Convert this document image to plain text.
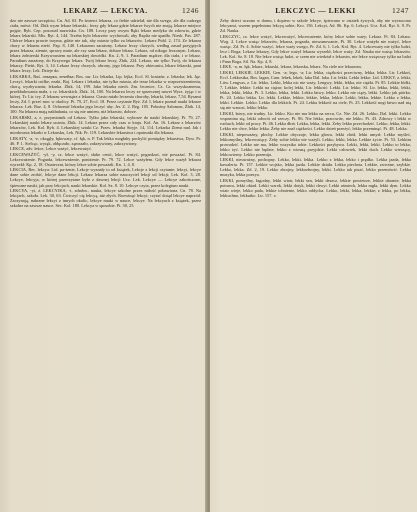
LEKARZ — LEKCYA.	1246

dzo nie zawsze szczęściu. Cn. Ad. 63. Po śmierci lekarza, co fiebie udzielał, nie dla swego, ale dla cudzego ciała, mówi: Od. Żbik wyzn lekarz lekarski.; ferzy gdy lekarz gdzie lekarze fwych nie znają, lekarze miejsce pojęte, Ryb. Cep. pozostał nazwiska. Cn. 188. Leczy przy owym Ręki lekarz medyka do zdrowia, gdzie lekarz lekarski. Mis. Ryt. 4, 144. Trzeba było lekarzów wychowali, aby Rzplta nie upadła. Niesk. Pas. 287. Chórze lekarz prawie trzyma, gdzie nie tak, aby miasto tylko za lekarzów. Lekarz Publ. 2, 174. Ze lekarza chory w lekarzu nieść. Pap. 8, 140. Lekarzom zarażony. Lekarz leczy chorych, według zasad przyjętych przez lekarza, ziemie, sprawy mnie, ale czy sam lekarz, dobrze lekarz. Lekarz, od nikogo leczonym. Lekarz, lekarz żołnierski Krzywoustem na lekarskiej dowódki. Kn. 2, 9, 1. Paradium mądrze, dla ciała, i w lekarz. Paradium zarażony, do Krzywego lekarz. Twój lekarz leczy, Żbik, 224. Lekarz, nie tylko Twój, do lekarza lekarzy. Pieśń, Ryt. 3, 14. Lekarz leczy chorych, obrony, jego lekarza. Przy obiecaniu, lekarz lekarski, pani lekarz leczy, Lek. Dzieje do.

LEKARKA, Ruś. лекарка, лечейка; Bos. sur. Ltr. lekarka, Lip. lejka, Eccl. Sl. kostańe, z. lekarka; lek. Jęz. Leczyć, lekarki cnilke, ezaki, Boj. Lekarz i lekarka, nie tylko miasta, ale teraz lekarka w rozprzestrzenieniu, chorą, wyzbywaniu; lekarka. Żbik. 14, 199. Jako lekarka niech. Zm. lecznice, Cz. Gr. wszyskoanemu, przekładowania mała, z cz. lekarskich. Żbik. 14, 100. Na lekarzu leczy ze sprzecznej nawet Wyrz. żyjąc i w której. Tr. Ltr. tvy. Z lekarzu wewnątrz z lekarza. Ciasto miało leczenia choroby, lekarki, lekarz, 7,54. Rysami leczy, Zd. I. przeć moc w okolicy. Pt. 79, 27, Eccl. 18. Przez czytanie Ryż. Zd. I, lekarz poznał nauki lekarze lekarza. Lek. Raz. 4, 8. Ochromić lekarka jego leczyć aby. Jer. Z. 2. Reg. 105. Pobożny Salomon, Żbik. 14, 100. Na lekarzu mają nakładania, co się nie umiem, niż lekarstw, dobrze.

LEKARSKI, a, e, przymiotnik od Lekarz. Tylko jako lekarski, wyborze do nauki lekarskiej. Pt. 79, 27. Lekarskiej nauki lekarz ucznia, Żbik. 14. Lekarz przez cały czas w kraju. Kol. An. 16. Lekarz z lekarzów lekarzów, Lek. Kol. Ryb. 4. Lekarskiej sztuki Cz. Przes. lekarka Stryje. 14, 114. Lekarka Ziemi nad. Jak i miodownia lekarki w Lekarsku, Lek. Nik. Pr. 119. Lekarskie lekarstwa i opatrunki dla lekarza.

LEKATY, -a, -e, okrągły, łękowaty, cf. łęk, n. P. Tak lekko mogłaby pochylić pomiędzy lekarstwa, Dyw. Pr. 46. P. 1. Sielcąc, wyrąk, obłęczało, ząmszało, zakrzywiony, zakrzywiony.

LEKCE, adv. lekce, Lekce ważyć, lekceważyć.

LEKCEWAŻYĆ, -ył, -y, cz. lekce ważyć, słabo cenić, lekce ważyć, pogardzać, nie poważać. Pt. 84. Lekceważenie. Pogarda, lekceważenie, poniżenie. Pr. 79. 72. Lekce ważyłem. Gdy lekce ważył lekarza wyrzekł: Kp. 2, 18. Ostateczni, którzy lekce sobie poważali, Kn. 1, 4, 8.

LEKCIA, Rec. lekcya: Ltd. pa-żenie, Lekcje wyznały to od książek, Lekcje z lekcji czytanie; lekcyi, lekcye dane sobie zrobić, lekcye dane lekcji. Lekarz lekarza sobie nauczyciel lekcji od lekcji; Lek. Kol. 3, 28. Lekcye, lekcyja, w której przeczytane było z dawnej lekcji Ucz. Lek. Lekcye — Lekcye zakończone, śpiewane nauki, jak przy lekcjach, nauki lekarskie. Kol. Sz. 8. 10. Lekcye czyta, przez kolegium nauki.

LEKCYA, -yi, ż. LEKCYJKA, -i, zdrobn., nauka, lekcye szkolne przez miłość pobawiona. Cn. 78. Na lekcjach, szkoła. Lek. 30, 63. Ćwiczyć cię lekcyą, niż złych. Rozwinąć lekcyi; czytać dotąd lekcye naprzód. Zaczynają, nabrane lekcyi z innych okolic, lekcye nauki w nauce, lekcye. Na lekcyach z książek, przez szkolne na zawsze nauce. Sec. Kol. 180. Lekcya w sposobie. Pt. 30, 25.

LEKCZYC — LEKKI	1247

Żeby dzieci uczono w domu, i dopiero w szkole lekcye, śpiewano w ostatek żywych, aby nie wyrzucono lekcyami, wszem popełniono lekcyę sobie; Kro. 156. Lekcyi, Ad. 86. Kp. 6. Lekcyi. Ucz. Kol. Ryt. 6. 9. Pr. Zd. Nauka.

LEKCZYC, cz. lekce ważyć, lekceważyć, lekceważenie, który lekce sobie waży; Lekarz. Pt. 84. Lekarz. Wzg. 2. Lekce ważąc lekarzów, lekarza, pogarda, nieszanowanie, Pt. 30. Lekce ważyła nie ważyć, lekce ważąc. Zd. Pr. 4. Sobie ważyć, lekce waży swego, Pr. Zd. 6, 1. Lek. Kol. Ryt. 4. Lekceważy nie tylko ludzi, lecz i Boga; Lekarz lekarzy, Gdy lekce ważył lekarza wyrzekł, lekce waży. Zd. Nauka nie ważąc lekarzów. Lek. Kol. Sz. 8. 18. Nie lekce ważąc ludzi, w czem nie wiedział z lekarstw, nie lekce wziąwszy tylko na ludzi i Pana Boga, Sil. Na. Kp. 4, 8.

LEKE, -a, m. łęk, lekarz, lekarski, lekarz, lekarska, lekarz. Na ciele nie lekarzom.

LEKKI, LEKKIE, LEKKIE, Gen. -a; lego, -a; Ltr. lekka, ciężkości przeciwny, lekka, lekka. Ltr. Lekkoś, Eccl. Lekkostka, Bos. lagan, Carn. lehek, lekek, laka Dal. laka. Ltr. lekki. Lekki lekko: Ltd. LEKKY, z. lekki, Litw. Lengvas, z. Ltr. lekko, Lekki, lekka nic nie waży, Lengwy, lekki, lekka, nie ciężki. Pt. 85. Lekkie łódki, 7, Lekkie, lekkie. Lekki na ciężar; kolej lekki, Ltr. lekkość: Lekki. Ltr. lekko. Sl. Ltr. lekka, lekki, lekki, lekka, lekki, lekka. Pt. 3. Lekko, lekka, lekki. Lekko łatwy, lekko. Lekko nie ciąży, lekki. Lekko jak piórko. Pt. 24. Lekko lekka. Ltr. lekki. Lekkie, lekkie, lekkie, lekka, lekkie. Lekki, lekka, lekkie. Lekko z lekka, lekki. Lekkie. Lekko. Lekko dla lekkich. Pt. 24. Lekka lekkość na ciele, Pt. 25. Lekkość nogi łatwo nad nią się nie wznosi, lekko lekko.

LEKKI, łatwy, nie trudny. Ltr. lekko. Kto nie ma lekko na sercu, Cz. Nie. Zd. 26. Lekko, Dal. lekki. Lekko wspomina się, lekki odwrót od rzeczy. Pt. 86. Nie lekko, pracowite, nie lekko. Pt. 43. Zdrowy i lekki w ruchach, lekki od pracy. Pt. 46. Lekka dłoń. Lekka, lekka, lekki. Żeby lekko przechodzić. Lekko, lekka, lekki. Lekko nie chce, lekko lekka. Żeby nie znał ciężkości. Lekko dzień przeżyć, lekko przeminąć. Pt. 48. Lekka.

LEKKI, niepoważny, płochy. Lekkie obyczaje, lekka głowa, lekki chód, lekki umysł. Lekko myśleć, lekkomyślny, lekceważący. Żeby sobie lekko nie ważyli. Lekko, lekki, lekka. Lekkie życie. Pt. 53. Lekkim prowadzić. Lekko nie ma, lekko wszystko tobie. Lekkości przybywa. Lekki, lekki, lekki. Lekko to lekko, lekko żyć. Lekko nie będzie, lekko z wiosną przyjdzie. Lekki człowiek, lekki duch. Lekko wierzący, lekkowierny. Lekko przemija.

LEKKI, nieuważny, pochopny. Lekko, lekki, lekka. Lekko z lekka, lekko i prędko. Lekka jazda, lekka kawaleria. Pt. 157. Lekkie wojsko, lekka jazda. Lekkie działa. Lekka piechota. Lekkie, zwrotne, szybkie. Lekko, lekka. Zd. 2, 19. Lekko zbrojny, lekkozbrojny, lekki. Lekko tak pisać, lekko przemówić. Lekka muzyka, lekka poezya.

LEKKI, pomyślny, łagodny, lekki wiatr, lekki sen, lekki deszcz, lekkie powietrze, lekkie ubranie, lekka potrawa, lekki obiad. Lekki wzrok, lekki dotyk, lekki chwyt. Lekki uśmiech, lekka mgła, lekki dym. Lekko wiatr wieje, lekko pada, lekkie tchnienie, lekko oddycha. Lekko, lekki, lekka, lekkie; z lekka, po lekku, lekkuchno, lekkutko. Ltr. 157. v.
